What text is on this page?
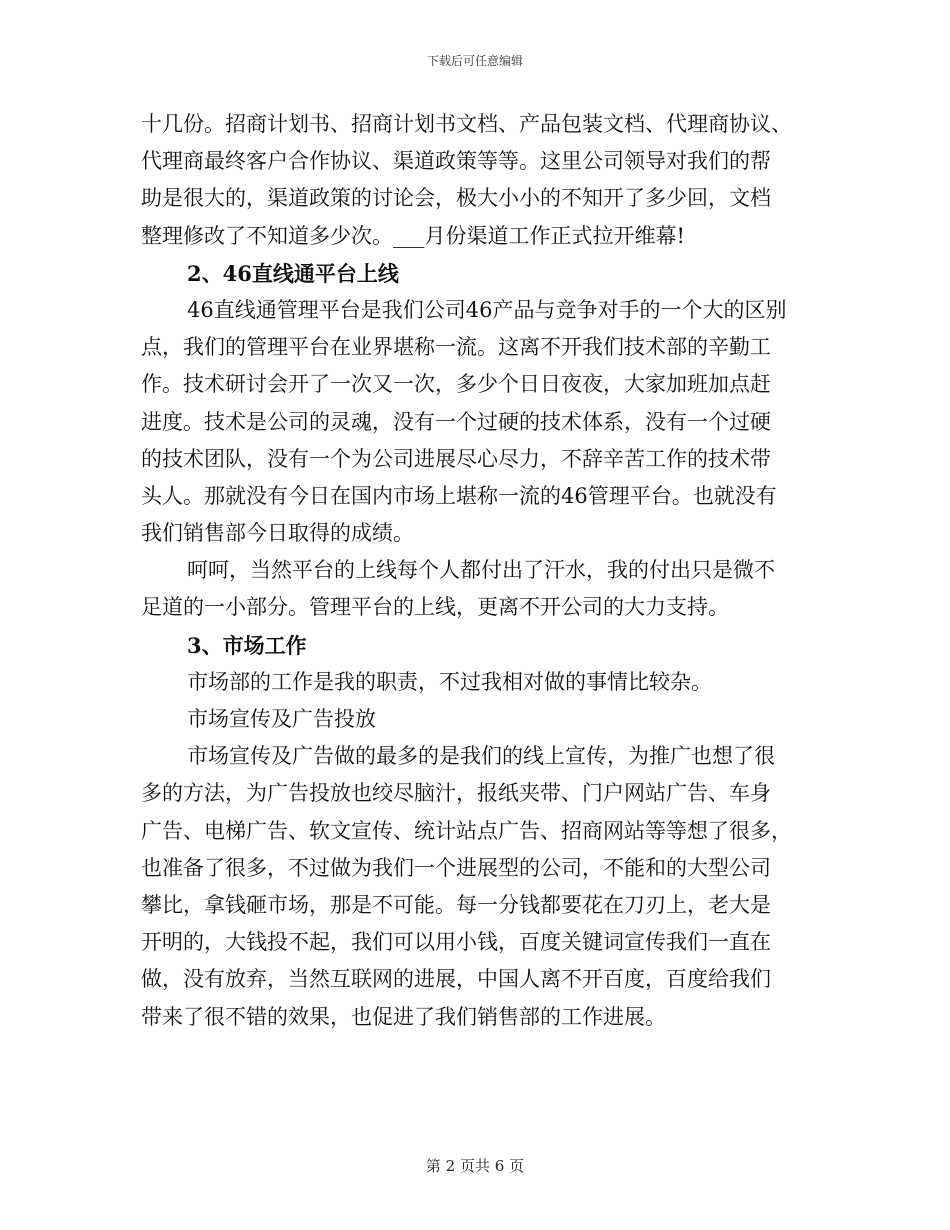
下载后可任意编辑
十几份。招商计划书、招商计划书文档、产品包装文档、代理商协议、
代理商最终客户合作协议、渠道政策等等。这里公司领导对我们的帮
助是很大的，渠道政策的讨论会，极大小小的不知开了多少回，文档
整理修改了不知道多少次。___月份渠道工作正式拉开维幕!
2、46直线通平台上线
46直线通管理平台是我们公司46产品与竞争对手的一个大的区别
点，我们的管理平台在业界堪称一流。这离不开我们技术部的辛勤工
作。技术研讨会开了一次又一次，多少个日日夜夜，大家加班加点赶
进度。技术是公司的灵魂，没有一个过硬的技术体系，没有一个过硬
的技术团队，没有一个为公司进展尽心尽力，不辞辛苦工作的技术带
头人。那就没有今日在国内市场上堪称一流的46管理平台。也就没有
我们销售部今日取得的成绩。
呵呵，当然平台的上线每个人都付出了汗水，我的付出只是微不
足道的一小部分。管理平台的上线，更离不开公司的大力支持。
3、市场工作
市场部的工作是我的职责，不过我相对做的事情比较杂。
市场宣传及广告投放
市场宣传及广告做的最多的是我们的线上宣传，为推广也想了很
多的方法，为广告投放也绞尽脑汁，报纸夹带、门户网站广告、车身
广告、电梯广告、软文宣传、统计站点广告、招商网站等等想了很多，
也准备了很多，不过做为我们一个进展型的公司，不能和的大型公司
攀比，拿钱砸市场，那是不可能。每一分钱都要花在刀刃上，老大是
开明的，大钱投不起，我们可以用小钱，百度关键词宣传我们一直在
做，没有放弃，当然互联网的进展，中国人离不开百度，百度给我们
带来了很不错的效果，也促进了我们销售部的工作进展。
第 2 页共 6 页
